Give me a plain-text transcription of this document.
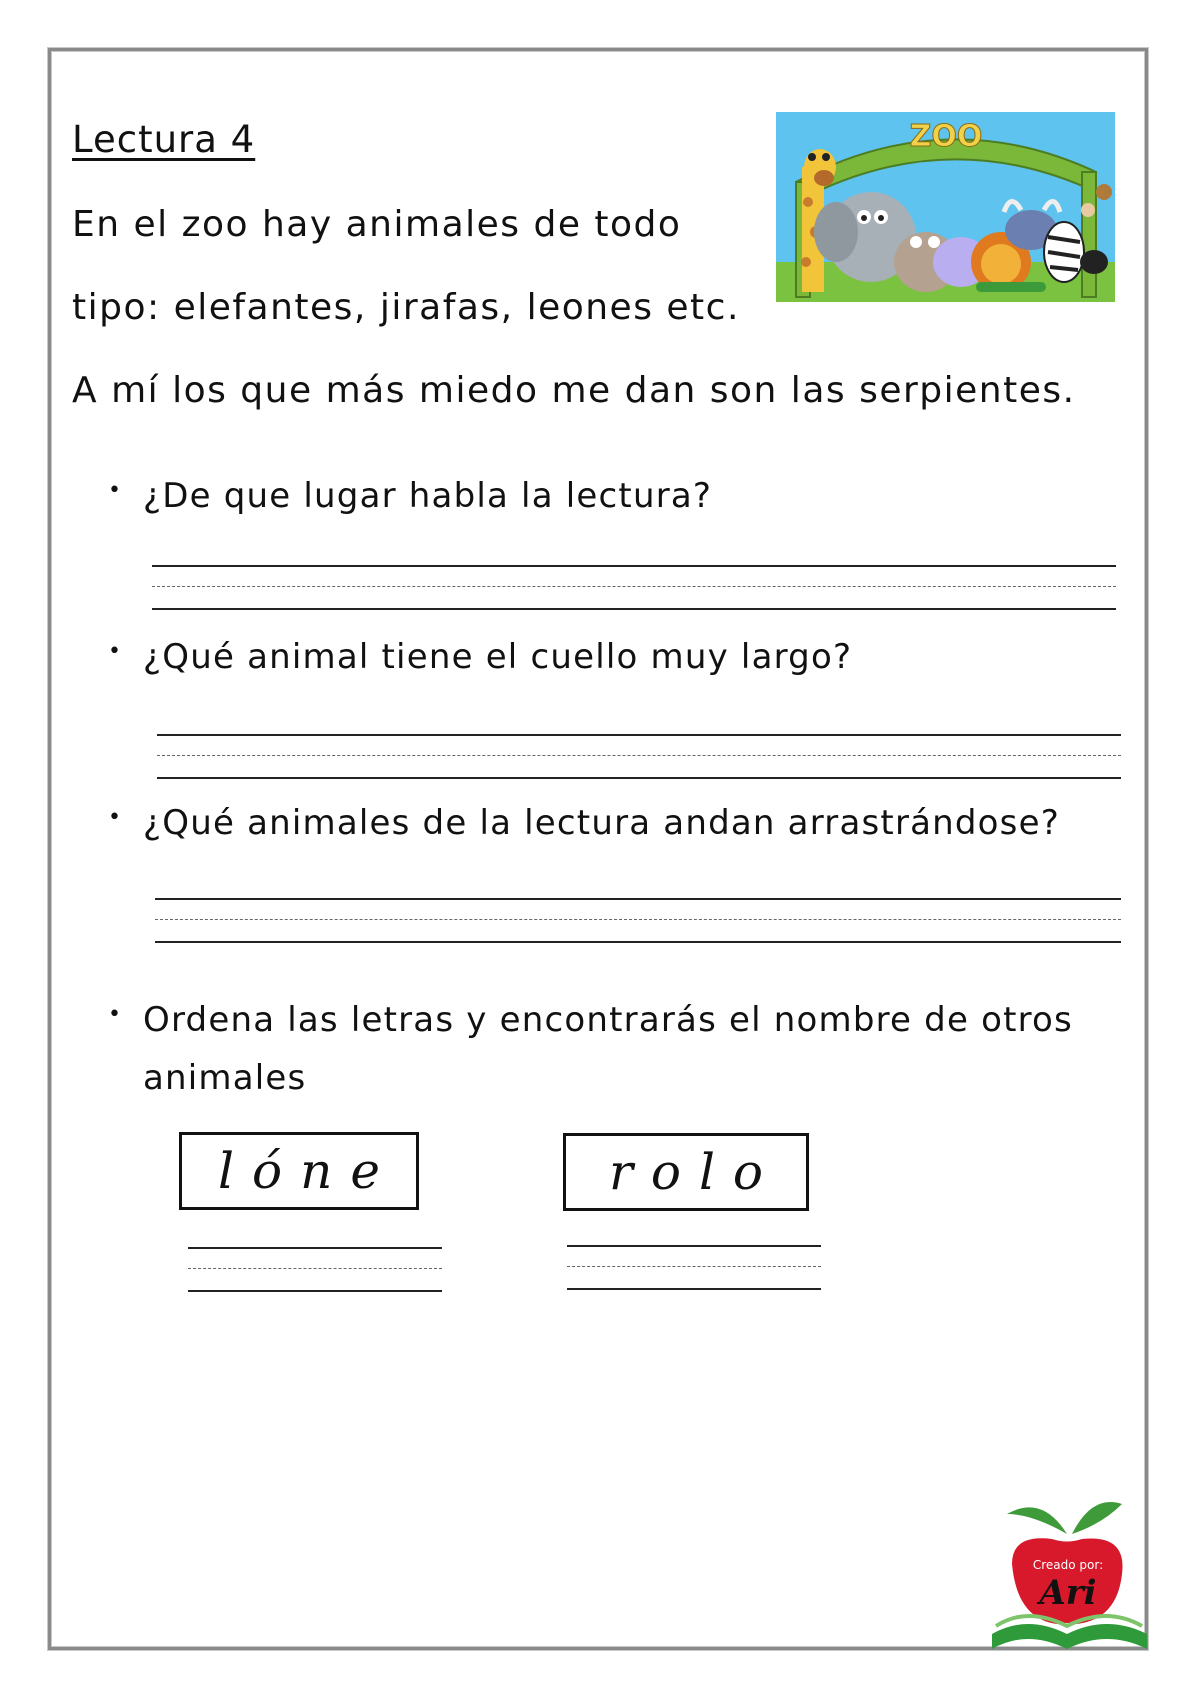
Lectura 4
En el zoo hay animales de todo
tipo: elefantes, jirafas, leones etc.
A mí los que más miedo me dan son las serpientes.
ZOO
• ¿De que lugar habla la lectura?
• ¿Qué animal tiene el cuello muy largo?
• ¿Qué animales de la lectura andan arrastrándose?
• Ordena las letras y encontrarás el nombre de otros
animales
lóne	rolo
Creado por:
Ari
